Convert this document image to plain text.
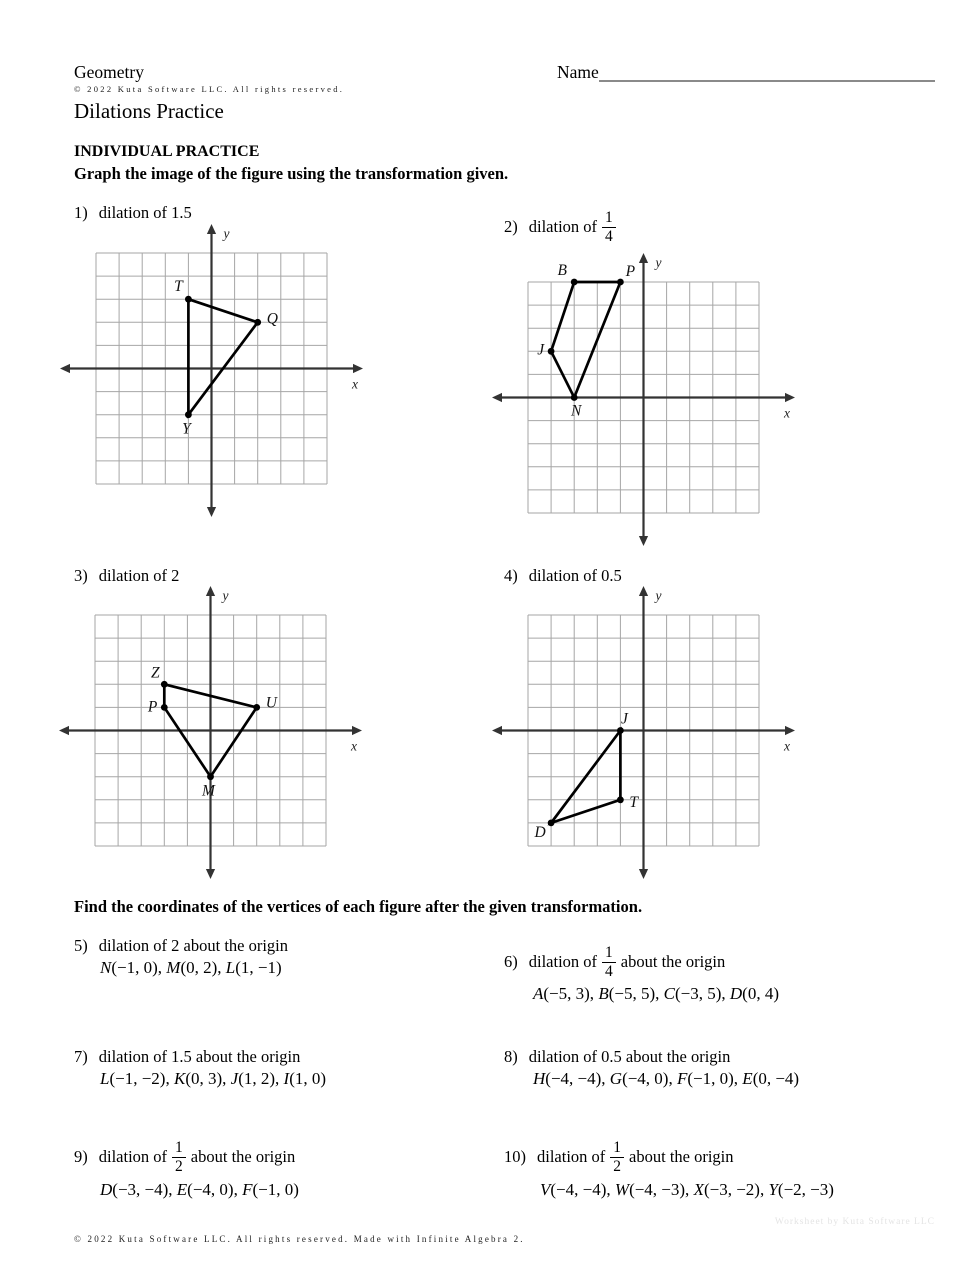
Geometry	Name
© 2022 Kuta Software LLC. All rights reserved.
Dilations Practice
INDIVIDUAL PRACTICE
Graph the image of the figure using the transformation given.
1) dilation of 1.5
y
x
T
Q
Y
2) dilation of $\frac{1}{4}$
y
x
B	P
N
J
3) dilation of 2
y
x
Z
U
M
P
4) dilation of 0.5
y
x
J
T
D
Find the coordinates of the vertices of each figure after the given transformation.
5) dilation of 2 about the origin
N(−1, 0), M(0, 2), L(1, −1)	6) dilation of $\frac{1}{4}$ about the origin
A(−5, 3), B(−5, 5), C(−3, 5), D(0, 4)
7) dilation of 1.5 about the origin
L(−1, −2), K(0, 3), J(1, 2), I(1, 0)
8) dilation of 0.5 about the origin
H(−4, −4), G(−4, 0), F(−1, 0), E(0, −4)
9) dilation of $\frac{1}{2}$ about the origin
D(−3, −4), E(−4, 0), F(−1, 0)
10) dilation of $\frac{1}{2}$ about the origin
V(−4, −4), W(−4, −3), X(−3, −2), Y(−2, −3)
Worksheet by Kuta Software LLC
© 2022 Kuta Software LLC. All rights reserved. Made with Infinite Algebra 2.
